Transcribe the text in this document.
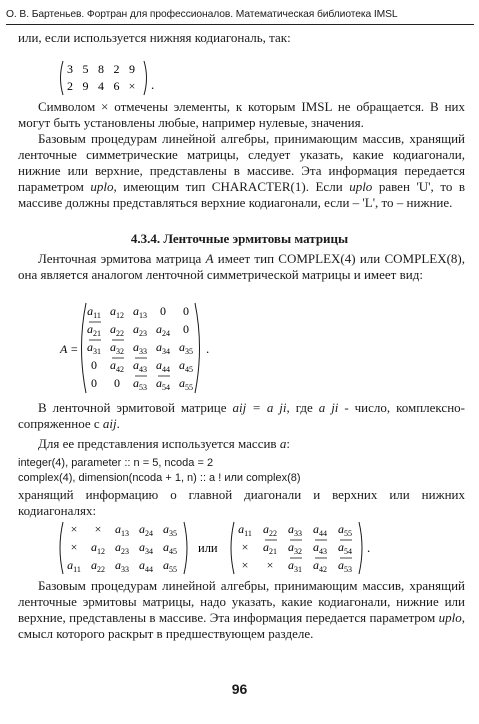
О. В. Бартеньев. Фортран для профессионалов. Математическая библиотека IMSL
или, если используется нижняя кодиагональ, так:
3 5 8 2 9
2 9 4 6 × .
Символом × отмечены элементы, к которым IMSL не обращается. В них могут быть установлены любые, например нулевые, значения.
Базовым процедурам линейной алгебры, принимающим массив, хранящий ленточные симметрические матрицы, следует указать, какие кодиагонали, нижние или верхние, представлены в массиве. Эта информация передается параметром uplo, имеющим тип CHARACTER(1). Если uplo равен 'U', то в массиве должны представляться верхние кодиагонали, если – 'L', то – нижние.
4.3.4. Ленточные эрмитовы матрицы
Ленточная эрмитова матрица A имеет тип COMPLEX(4) или COMPLEX(8), она является аналогом ленточной симметрической матрицы и имеет вид:
A =
$a_{11}$ $a_{12}$ $a_{13}$ 0 0
$a_{21}$ $a_{22}$ $a_{23}$ $a_{24}$ 0
$a_{31}$ $a_{32}$ $a_{33}$ $a_{34}$ $a_{35}$
0 $a_{42}$ $a_{43}$ $a_{44}$ $a_{45}$
0 0 $a_{53}$ $a_{54}$ $a_{55}$
.
В ленточной эрмитовой матрице aij = a ji, где a ji - число, комплексно-сопряженное с aij.
Для ее представления используется массив a:
integer(4), parameter :: n = 5, ncoda = 2
complex(4), dimension(ncoda + 1, n) :: a ! или complex(8)
хранящий информацию о главной диагонали и верхних или нижних кодиагоналях:
× × $a_{13}$ $a_{24}$ $a_{35}$
× $a_{12}$ $a_{23}$ $a_{34}$ $a_{45}$
$a_{11}$ $a_{22}$ $a_{33}$ $a_{44}$ $a_{55}$
или
$a_{11}$ $a_{22}$ $a_{33}$ $a_{44}$ $a_{55}$
× $a_{21}$ $a_{32}$ $a_{43}$ $a_{54}$
× × $a_{31}$ $a_{42}$ $a_{53}$
.
Базовым процедурам линейной алгебры, принимающим массив, хранящий ленточные эрмитовы матрицы, надо указать, какие кодиагонали, нижние или верхние, представлены в массиве. Эта информация передается параметром uplo, смысл которого раскрыт в предшествующем разделе.
96
